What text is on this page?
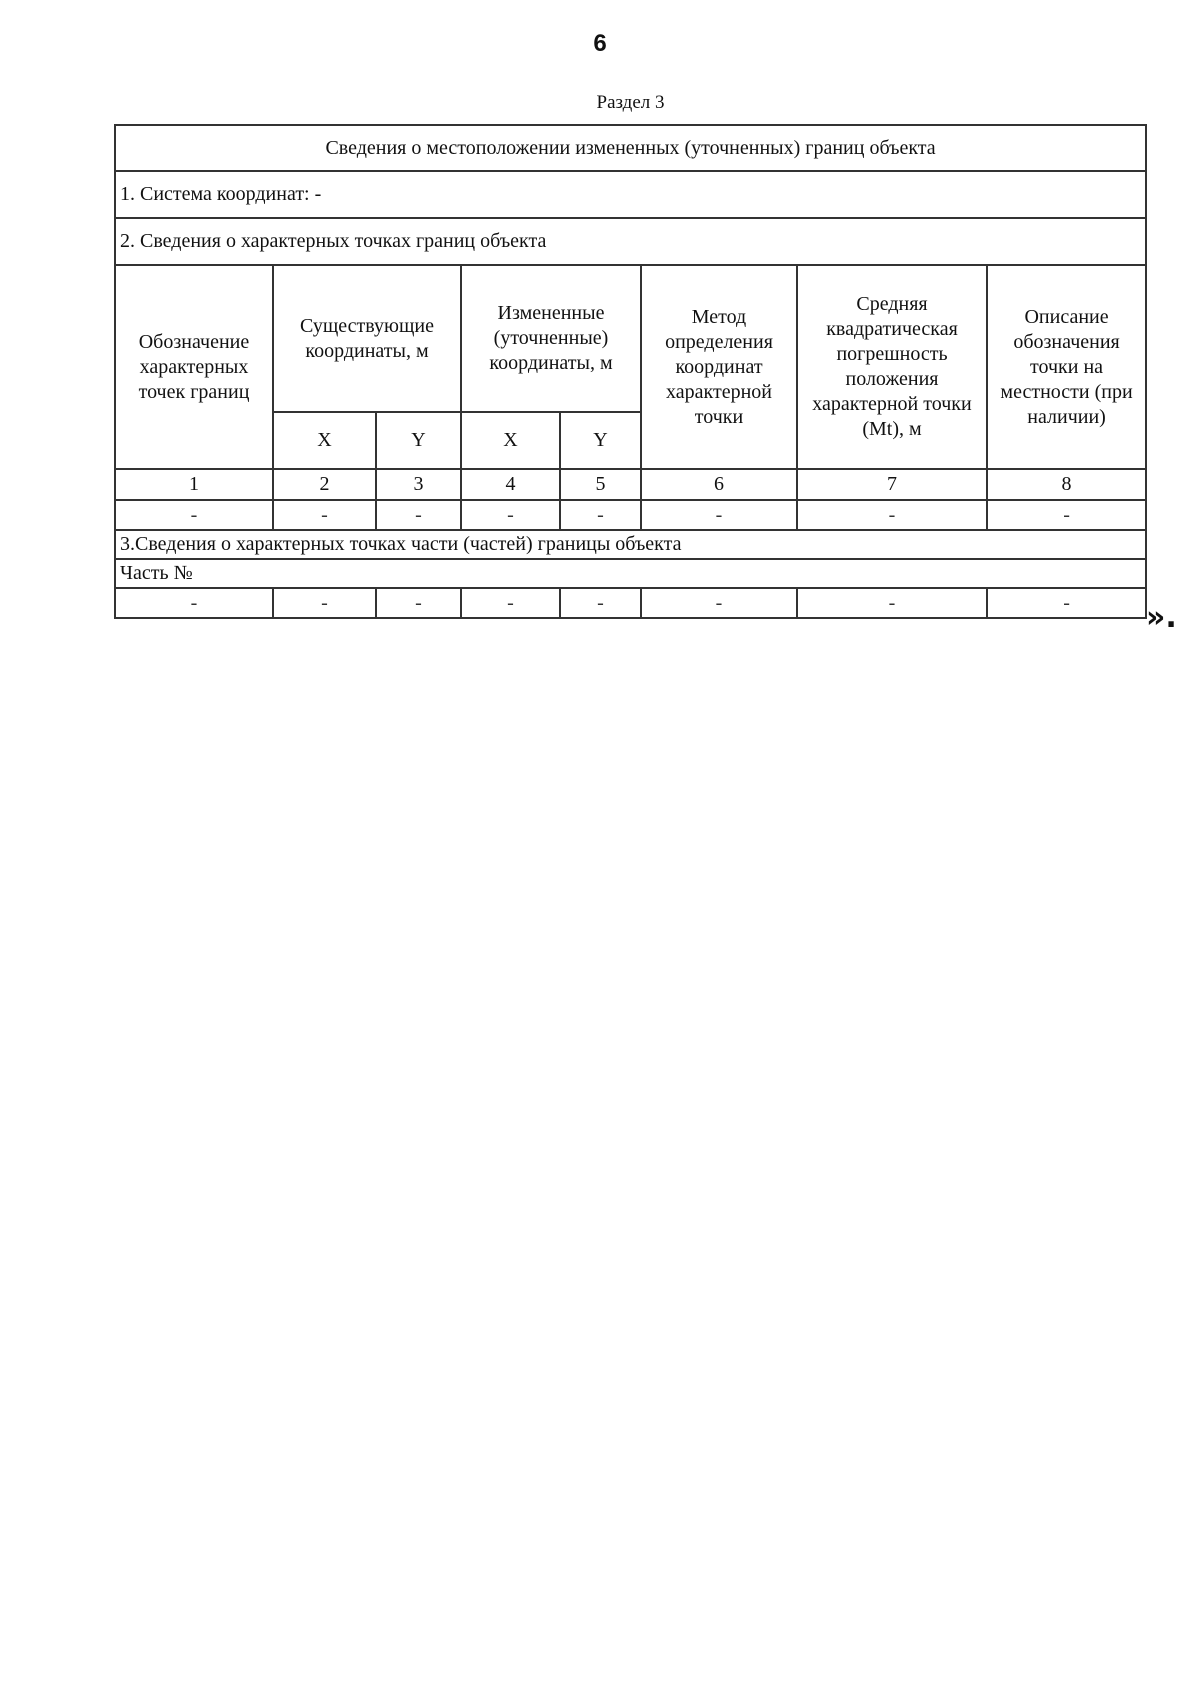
6
Раздел 3
Сведения о местоположении измененных (уточненных) границ объекта							
1. Система координат: -							
2. Сведения о характерных точках границ объекта							
Обозначение характерных точек границ	Существующие координаты, м		Измененные (уточненные) координаты, м		Метод определения координат характерной точки	Средняя квадратическая погрешность положения характерной точки (Mt), м	Описание обозначения точки на местности (при наличии)
	X	Y	X	Y			
1	2	3	4	5	6	7	8
-	-	-	-	-	-	-	-
3.Сведения о характерных точках части (частей) границы объекта							
Часть №							
-	-	-	-	-	-	-	-	».
